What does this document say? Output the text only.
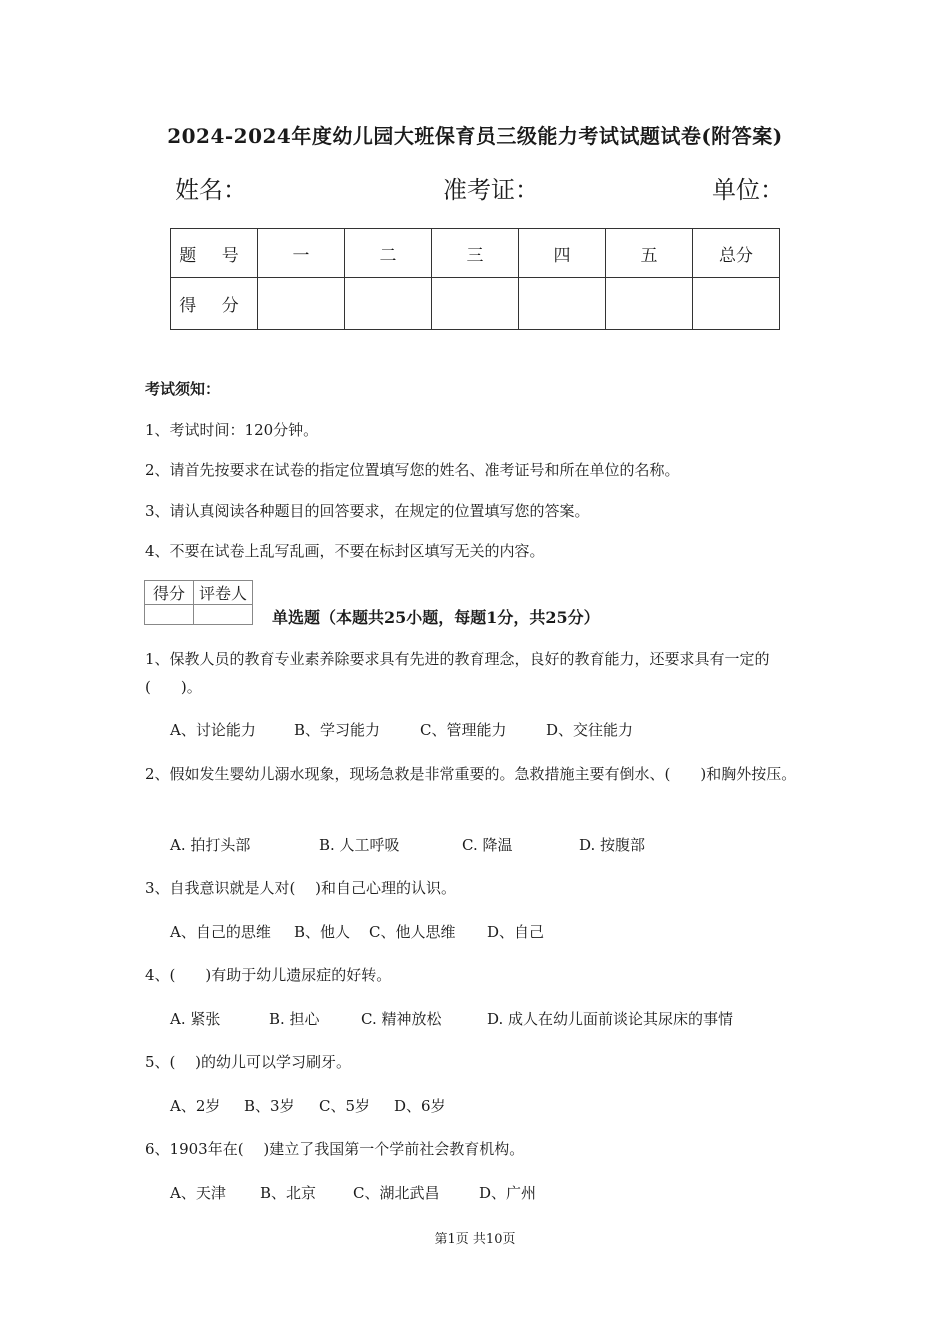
2024-2024年度幼儿园大班保育员三级能力考试试题试卷(附答案)
姓名：	准考证：	单位：
题 号	一	二	三	四	五	总分
得 分						
考试须知：
1、考试时间：120分钟。
2、请首先按要求在试卷的指定位置填写您的姓名、准考证号和所在单位的名称。
3、请认真阅读各种题目的回答要求，在规定的位置填写您的答案。
4、不要在试卷上乱写乱画，不要在标封区填写无关的内容。
得分	评卷人

单选题（本题共25小题，每题1分，共25分）
1、保教人员的教育专业素养除要求具有先进的教育理念，良好的教育能力，还要求具有一定的(　　)。
A、讨论能力	B、学习能力	C、管理能力	D、交往能力
2、假如发生婴幼儿溺水现象，现场急救是非常重要的。急救措施主要有倒水、(　　)和胸外按压。
A. 拍打头部	B. 人工呼吸	C. 降温	D. 按腹部
3、自我意识就是人对(　 )和自己心理的认识。
A、自己的思维 B、他人 C、他人思维 D、自己
4、(　　)有助于幼儿遗尿症的好转。
A. 紧张	B. 担心	C. 精神放松	D. 成人在幼儿面前谈论其尿床的事情
5、(　 )的幼儿可以学习刷牙。
A、2岁 B、3岁 C、5岁 D、6岁
6、1903年在(　 )建立了我国第一个学前社会教育机构。
A、天津 B、北京 C、湖北武昌	D、广州
第1页 共10页
